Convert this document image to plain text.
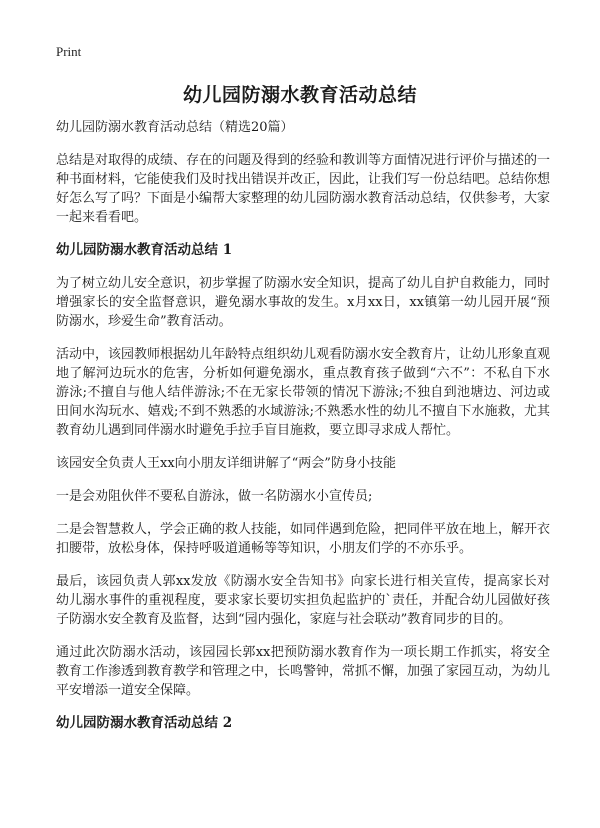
Print
幼儿园防溺水教育活动总结

幼儿园防溺水教育活动总结（精选20篇）

总结是对取得的成绩、存在的问题及得到的经验和教训等方面情况进行评价与描述的一种书面材料，它能使我们及时找出错误并改正，因此，让我们写一份总结吧。总结你想好怎么写了吗？下面是小编帮大家整理的幼儿园防溺水教育活动总结，仅供参考，大家一起来看看吧。

幼儿园防溺水教育活动总结 1

为了树立幼儿安全意识，初步掌握了防溺水安全知识，提高了幼儿自护自救能力，同时增强家长的安全监督意识，避免溺水事故的发生。x月xx日，xx镇第一幼儿园开展“预防溺水，珍爱生命”教育活动。

活动中，该园教师根据幼儿年龄特点组织幼儿观看防溺水安全教育片，让幼儿形象直观地了解河边玩水的危害，分析如何避免溺水，重点教育孩子做到“六不”：不私自下水游泳;不擅自与他人结伴游泳;不在无家长带领的情况下游泳;不独自到池塘边、河边或田间水沟玩水、嬉戏;不到不熟悉的水域游泳;不熟悉水性的幼儿不擅自下水施救，尤其教育幼儿遇到同伴溺水时避免手拉手盲目施救，要立即寻求成人帮忙。

该园安全负责人王xx向小朋友详细讲解了“两会”防身小技能

一是会劝阻伙伴不要私自游泳，做一名防溺水小宣传员;

二是会智慧救人，学会正确的救人技能，如同伴遇到危险，把同伴平放在地上，解开衣扣腰带，放松身体，保持呼吸道通畅等等知识，小朋友们学的不亦乐乎。

最后，该园负责人郭xx发放《防溺水安全告知书》向家长进行相关宣传，提高家长对幼儿溺水事件的重视程度，要求家长要切实担负起监护的`责任，并配合幼儿园做好孩子防溺水安全教育及监督，达到“园内强化，家庭与社会联动”教育同步的目的。

通过此次防溺水活动，该园园长郭xx把预防溺水教育作为一项长期工作抓实，将安全教育工作渗透到教育教学和管理之中，长鸣警钟，常抓不懈，加强了家园互动，为幼儿平安增添一道安全保障。

幼儿园防溺水教育活动总结 2
